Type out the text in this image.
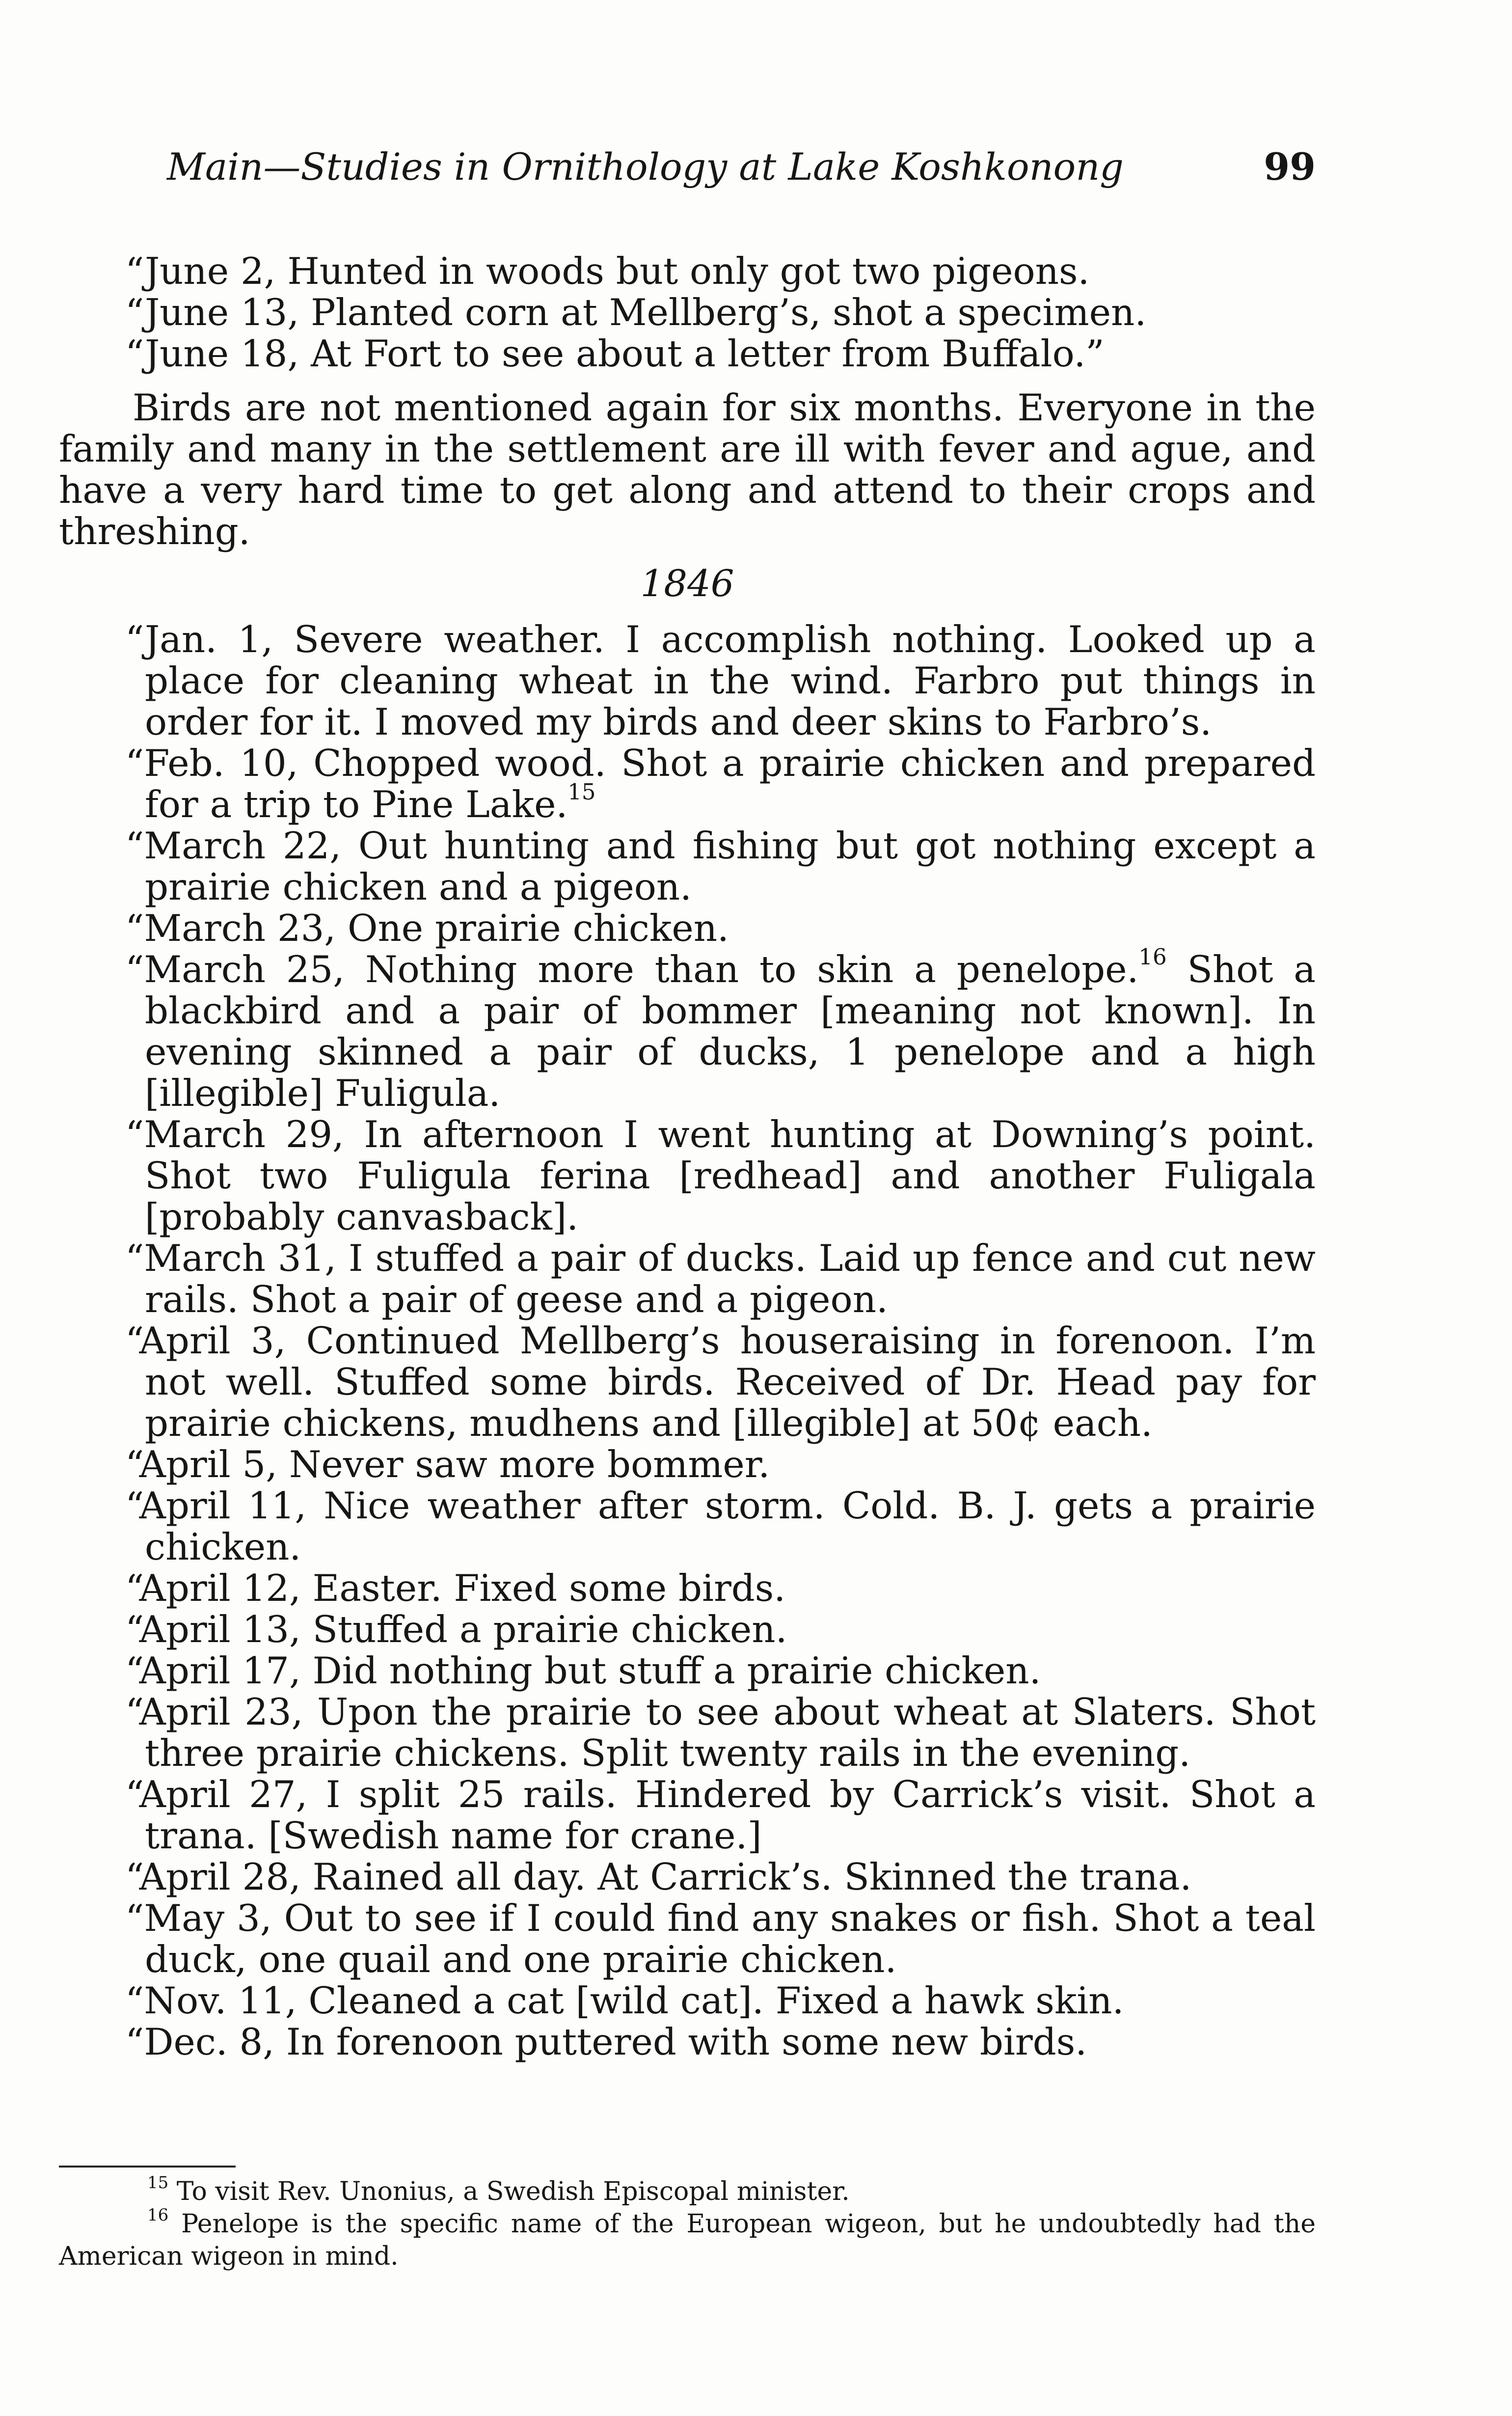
Main—Studies in Ornithology at Lake Koshkonong	99

“June 2, Hunted in woods but only got two pigeons.

“June 13, Planted corn at Mellberg’s, shot a specimen.

“June 18, At Fort to see about a letter from Buffalo.”

Birds are not mentioned again for six months. Everyone in the family and many in the settlement are ill with fever and ague, and have a very hard time to get along and attend to their crops and threshing.

1846

“Jan. 1, Severe weather. I accomplish nothing. Looked up a place for cleaning wheat in the wind. Farbro put things in order for it. I moved my birds and deer skins to Farbro’s.

“Feb. 10, Chopped wood. Shot a prairie chicken and prepared for a trip to Pine Lake.$^{15}$

“March 22, Out hunting and fishing but got nothing except a prairie chicken and a pigeon.

“March 23, One prairie chicken.

“March 25, Nothing more than to skin a penelope.$^{16}$ Shot a blackbird and a pair of bommer [meaning not known]. In evening skinned a pair of ducks, 1 penelope and a high [illegible] Fuligula.

“March 29, In afternoon I went hunting at Downing’s point. Shot two Fuligula ferina [redhead] and another Fuligala [probably canvasback].

“March 31, I stuffed a pair of ducks. Laid up fence and cut new rails. Shot a pair of geese and a pigeon.

“April 3, Continued Mellberg’s houseraising in forenoon. I’m not well. Stuffed some birds. Received of Dr. Head pay for prairie chickens, mudhens and [illegible] at 50¢ each.

“April 5, Never saw more bommer.

“April 11, Nice weather after storm. Cold. B. J. gets a prairie chicken.

“April 12, Easter. Fixed some birds.

“April 13, Stuffed a prairie chicken.

“April 17, Did nothing but stuff a prairie chicken.

“April 23, Upon the prairie to see about wheat at Slaters. Shot three prairie chickens. Split twenty rails in the evening.

“April 27, I split 25 rails. Hindered by Carrick’s visit. Shot a trana. [Swedish name for crane.]

“April 28, Rained all day. At Carrick’s. Skinned the trana.

“May 3, Out to see if I could find any snakes or fish. Shot a teal duck, one quail and one prairie chicken.

“Nov. 11, Cleaned a cat [wild cat]. Fixed a hawk skin.

“Dec. 8, In forenoon puttered with some new birds.

$^{15}$ To visit Rev. Unonius, a Swedish Episcopal minister.

$^{16}$ Penelope is the specific name of the European wigeon, but he undoubtedly had the American wigeon in mind.
